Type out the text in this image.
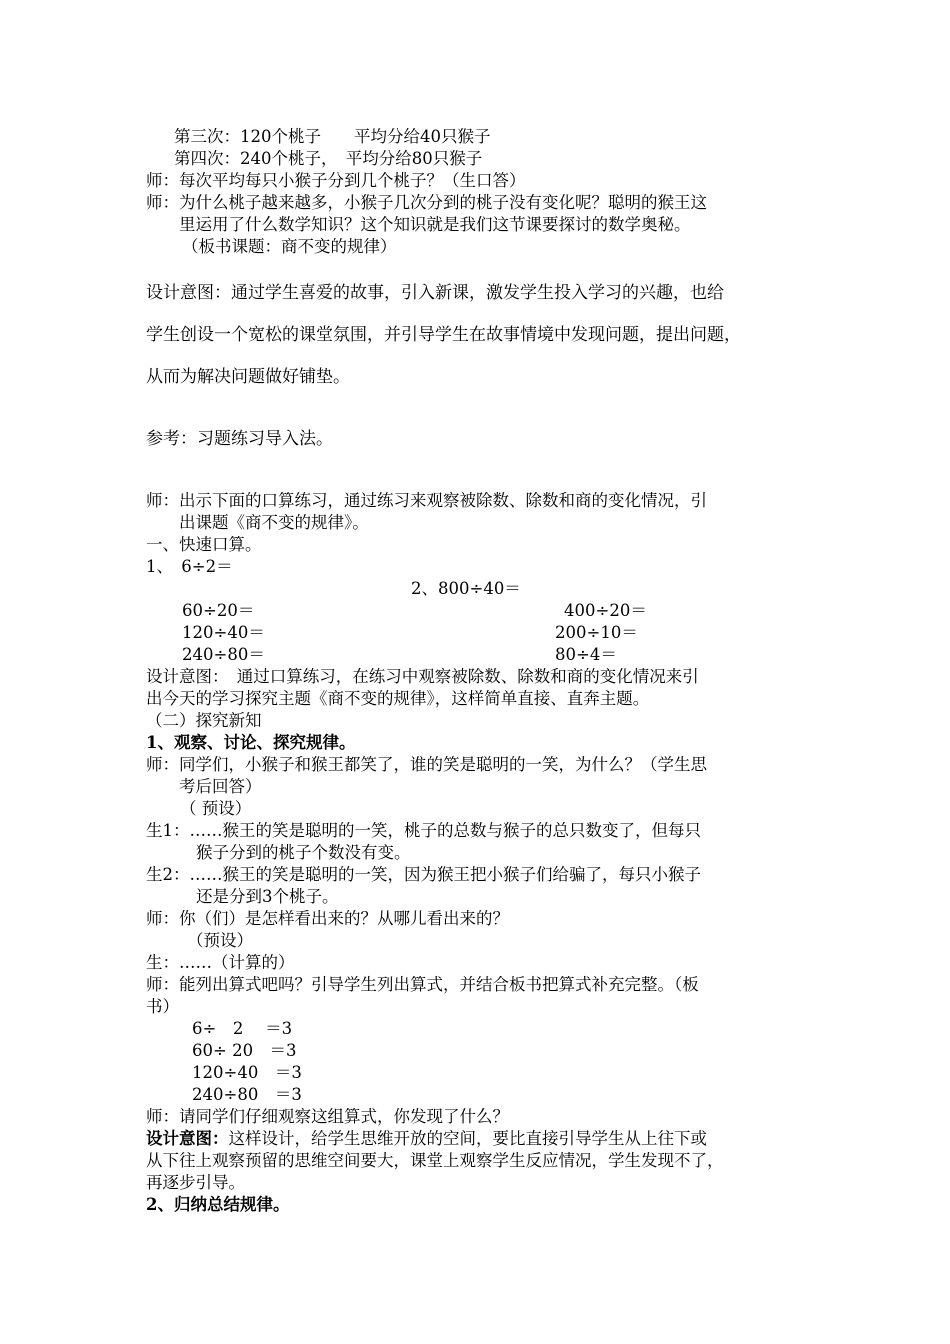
第三次：120个桃子　　平均分给40只猴子
第四次：240个桃子，　平均分给80只猴子
师：每次平均每只小猴子分到几个桃子？（生口答）
师：为什么桃子越来越多，小猴子几次分到的桃子没有变化呢？聪明的猴王这
里运用了什么数学知识？这个知识就是我们这节课要探讨的数学奥秘。
（板书课题：商不变的规律）
设计意图：通过学生喜爱的故事，引入新课，激发学生投入学习的兴趣，也给
学生创设一个宽松的课堂氛围，并引导学生在故事情境中发现问题，提出问题，
从而为解决问题做好铺垫。
参考：习题练习导入法。
师：出示下面的口算练习，通过练习来观察被除数、除数和商的变化情况，引
出课题《商不变的规律》。
一、快速口算。
1、　6÷2＝
2、800÷40＝
60÷20＝	400÷20＝
120÷40＝	200÷10＝
240÷80＝	80÷4＝
设计意图：　通过口算练习，在练习中观察被除数、除数和商的变化情况来引
出今天的学习探究主题《商不变的规律》，这样简单直接、直奔主题。
（二）探究新知
1、观察、讨论、探究规律。
师：同学们，小猴子和猴王都笑了，谁的笑是聪明的一笑，为什么？（学生思
考后回答）
（ 预设）
生1：……猴王的笑是聪明的一笑，桃子的总数与猴子的总只数变了，但每只
猴子分到的桃子个数没有变。
生2：……猴王的笑是聪明的一笑，因为猴王把小猴子们给骗了，每只小猴子
还是分到3个桃子。
师：你（们）是怎样看出来的？从哪儿看出来的？
（预设）
生：……（计算的）
师：能列出算式吧吗？引导学生列出算式，并结合板书把算式补充完整。（板
书）
6÷　2　 ＝3
60÷ 20　＝3
120÷40　＝3
240÷80　＝3
师：请同学们仔细观察这组算式，你发现了什么？
设计意图：这样设计，给学生思维开放的空间，要比直接引导学生从上往下或
从下往上观察预留的思维空间要大，课堂上观察学生反应情况，学生发现不了，
再逐步引导。
2、归纳总结规律。
